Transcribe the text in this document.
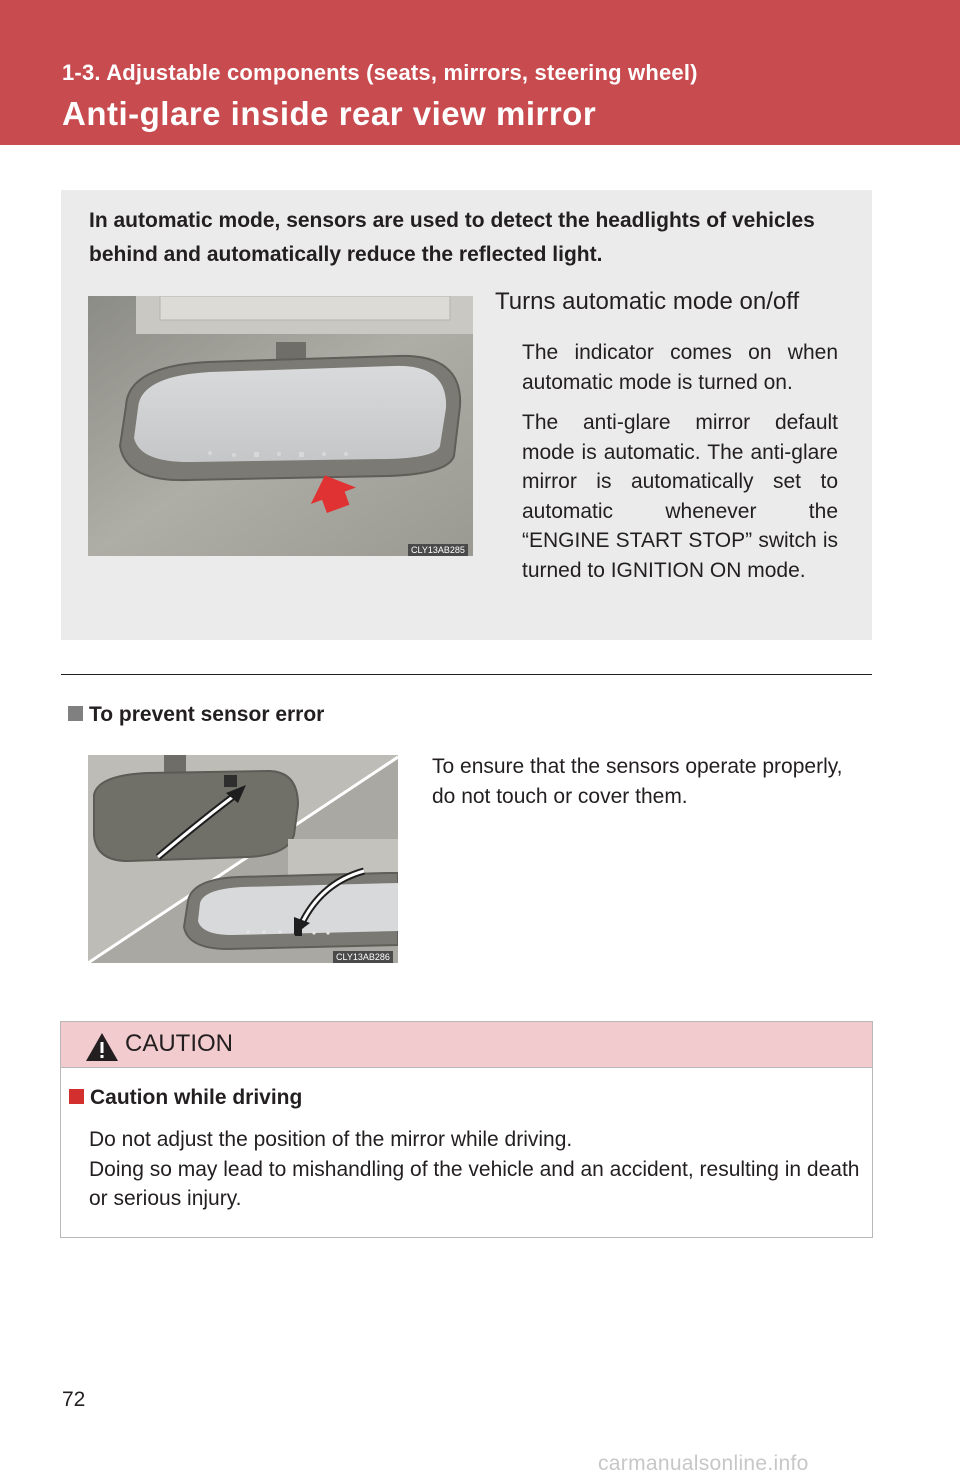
1-3. Adjustable components (seats, mirrors, steering wheel)
Anti-glare inside rear view mirror
In automatic mode, sensors are used to detect the headlights of vehicles behind and automatically reduce the reflected light.
CLY13AB285
Turns automatic mode on/off

The indicator comes on when automatic mode is turned on.

The anti-glare mirror default mode is automatic. The anti-glare mirror is automatically set to automatic whenever the “ENGINE START STOP” switch is turned to IGNITION ON mode.

To prevent sensor error
CLY13AB286
To ensure that the sensors operate properly, do not touch or cover them.
CAUTION
Caution while driving
Do not adjust the position of the mirror while driving.
Doing so may lead to mishandling of the vehicle and an accident, resulting in death or serious injury.
72
carmanualsonline.info
